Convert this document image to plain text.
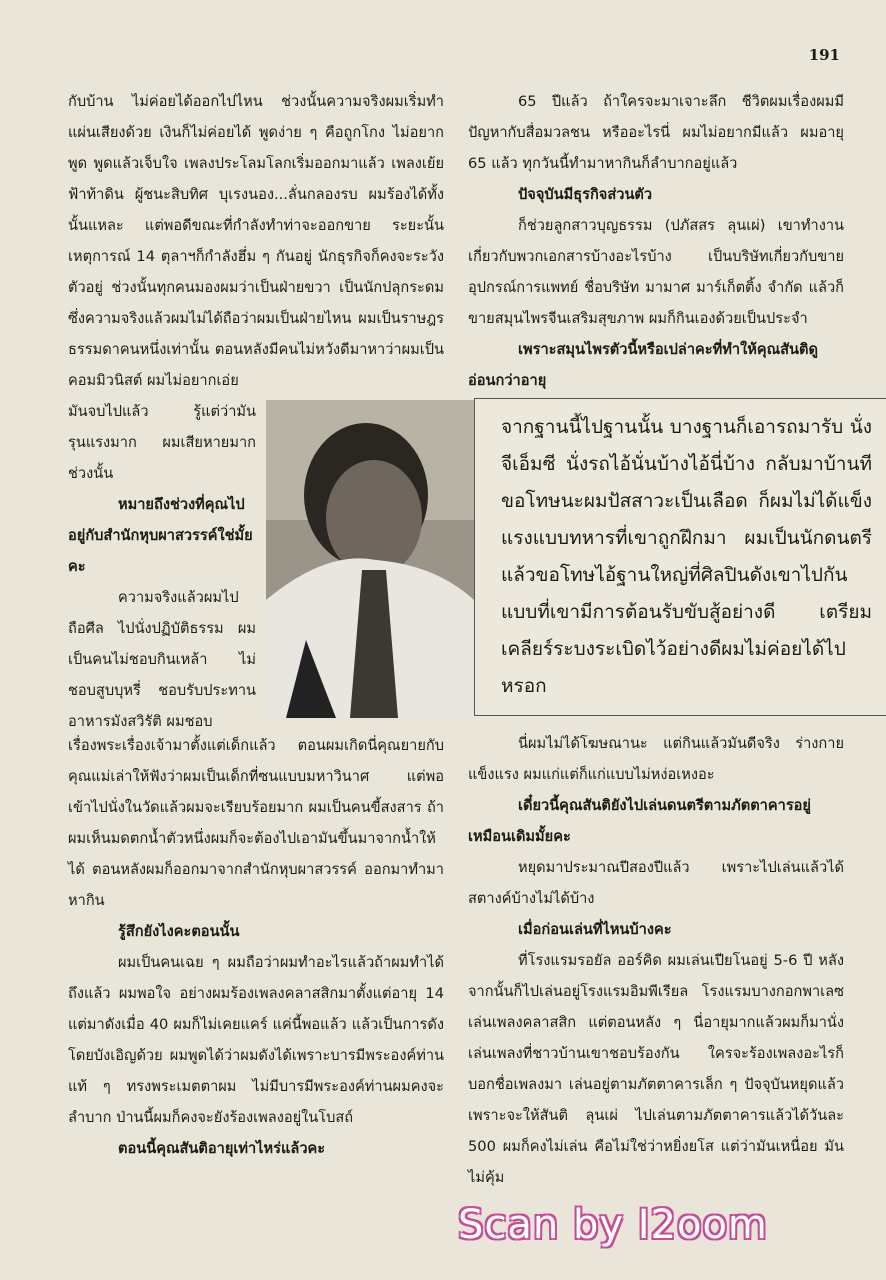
191

กับบ้าน ไม่ค่อยได้ออกไปไหน ช่วงนั้นความจริงผมเริ่มทำแผ่นเสียงด้วย เงินก็ไม่ค่อยได้ พูดง่าย ๆ คือถูกโกง ไม่อยากพูด พูดแล้วเจ็บใจ เพลงประโลมโลกเริ่มออกมาแล้ว เพลงเย้ยฟ้าท้าดิน ผู้ชนะสิบทิศ บุเรงนอง...ลั่นกลองรบ ผมร้องได้ทั้งนั้นแหละ แต่พอดีขณะที่กำลังทำท่าจะออกขาย ระยะนั้นเหตุการณ์ 14 ตุลาฯก็กำลังฮึ่ม ๆ กันอยู่ นักธุรกิจก็คงจะระวังตัวอยู่ ช่วงนั้นทุกคนมองผมว่าเป็นฝ่ายขวา เป็นนักปลุกระดม ซึ่งความจริงแล้วผมไม่ได้ถือว่าผมเป็นฝ่ายไหน ผมเป็นราษฎรธรรมดาคนหนึ่งเท่านั้น ตอนหลังมีคนไม่หวังดีมาหาว่าผมเป็นคอมมิวนิสต์ ผมไม่อยากเอ่ย

มันจบไปแล้ว รู้แต่ว่ามันรุนแรงมาก ผมเสียหายมากช่วงนั้น

หมายถึงช่วงที่คุณไปอยู่กับสำนักหุบผาสวรรค์ใช่มั้ยคะ

ความจริงแล้วผมไปถือศีล ไปนั่งปฏิบัติธรรม ผมเป็นคนไม่ชอบกินเหล้า ไม่ชอบสูบบุหรี่ ชอบรับประทานอาหารมังสวิรัติ ผมชอบ

จากฐานนี้ไปฐานนั้น บางฐานก็เอารถมารับ นั่งจีเอ็มซี นั่งรถไอ้นั่นบ้างไอ้นี่บ้าง กลับมาบ้านทีขอโทษนะผมปัสสาวะเป็นเลือด ก็ผมไม่ได้แข็งแรงแบบทหารที่เขาถูกฝึกมา ผมเป็นนักดนตรี แล้วขอโทษไอ้ฐานใหญ่ที่ศิลปินดังเขาไปกัน แบบที่เขามีการต้อนรับขับสู้อย่างดี เตรียมเคลียร์ระบงระเบิดไว้อย่างดีผมไม่ค่อยได้ไปหรอก

เรื่องพระเรื่องเจ้ามาตั้งแต่เด็กแล้ว ตอนผมเกิดนี่คุณยายกับคุณแม่เล่าให้ฟังว่าผมเป็นเด็กที่ซนแบบมหาวินาศ แต่พอเข้าไปนั่งในวัดแล้วผมจะเรียบร้อยมาก ผมเป็นคนขี้สงสาร ถ้าผมเห็นมดตกน้ำตัวหนึ่งผมก็จะต้องไปเอามันขึ้นมาจากน้ำให้ได้ ตอนหลังผมก็ออกมาจากสำนักหุบผาสวรรค์ ออกมาทำมาหากิน

รู้สึกยังไงคะตอนนั้น

ผมเป็นคนเฉย ๆ ผมถือว่าผมทำอะไรแล้วถ้าผมทำได้ถึงแล้ว ผมพอใจ อย่างผมร้องเพลงคลาสสิกมาตั้งแต่อายุ 14 แต่มาดังเมื่อ 40 ผมก็ไม่เคยแคร์ แค่นี้พอแล้ว แล้วเป็นการดังโดยบังเอิญด้วย ผมพูดได้ว่าผมดังได้เพราะบารมีพระองค์ท่านแท้ ๆ ทรงพระเมตตาผม ไม่มีบารมีพระองค์ท่านผมคงจะลำบาก ป่านนี้ผมก็คงจะยังร้องเพลงอยู่ในโบสถ์

ตอนนี้คุณสันติอายุเท่าไหร่แล้วคะ

65 ปีแล้ว ถ้าใครจะมาเจาะลึก ชีวิตผมเรื่องผมมีปัญหากับสื่อมวลชน หรืออะไรนี่ ผมไม่อยากมีแล้ว ผมอายุ 65 แล้ว ทุกวันนี้ทำมาหากินก็ลำบากอยู่แล้ว

ปัจจุบันมีธุรกิจส่วนตัว

ก็ช่วยลูกสาวบุญธรรม (ปภัสสร ลุนเผ่) เขาทำงานเกี่ยวกับพวกเอกสารบ้างอะไรบ้าง เป็นบริษัทเกี่ยวกับขายอุปกรณ์การแพทย์ ชื่อบริษัท มามาศ มาร์เก็ตติ้ง จำกัด แล้วก็ขายสมุนไพรจีนเสริมสุขภาพ ผมก็กินเองด้วยเป็นประจำ

เพราะสมุนไพรตัวนี้หรือเปล่าคะที่ทำให้คุณสันติดูอ่อนกว่าอายุ

นี่ผมไม่ได้โฆษณานะ แต่กินแล้วมันดีจริง ร่างกายแข็งแรง ผมแก่แต่ก็แก่แบบไม่หง่อเหงอะ

เดี๋ยวนี้คุณสันติยังไปเล่นดนตรีตามภัตตาคารอยู่เหมือนเดิมมั้ยคะ

หยุดมาประมาณปีสองปีแล้ว เพราะไปเล่นแล้วได้สตางค์บ้างไม่ได้บ้าง

เมื่อก่อนเล่นที่ไหนบ้างคะ

ที่โรงแรมรอยัล ออร์คิด ผมเล่นเปียโนอยู่ 5-6 ปี หลังจากนั้นก็ไปเล่นอยู่โรงแรมอิมพีเรียล โรงแรมบางกอกพาเลซ เล่นเพลงคลาสสิก แต่ตอนหลัง ๆ นี่อายุมากแล้วผมก็มานั่งเล่นเพลงที่ชาวบ้านเขาชอบร้องกัน ใครจะร้องเพลงอะไรก็บอกชื่อเพลงมา เล่นอยู่ตามภัตตาคารเล็ก ๆ ปัจจุบันหยุดแล้วเพราะจะให้สันติ ลุนเผ่ ไปเล่นตามภัตตาคารแล้วได้วันละ 500 ผมก็คงไม่เล่น คือไม่ใช่ว่าหยิ่งยโส แต่ว่ามันเหนื่อย มันไม่คุ้ม

Scan by I2oom
